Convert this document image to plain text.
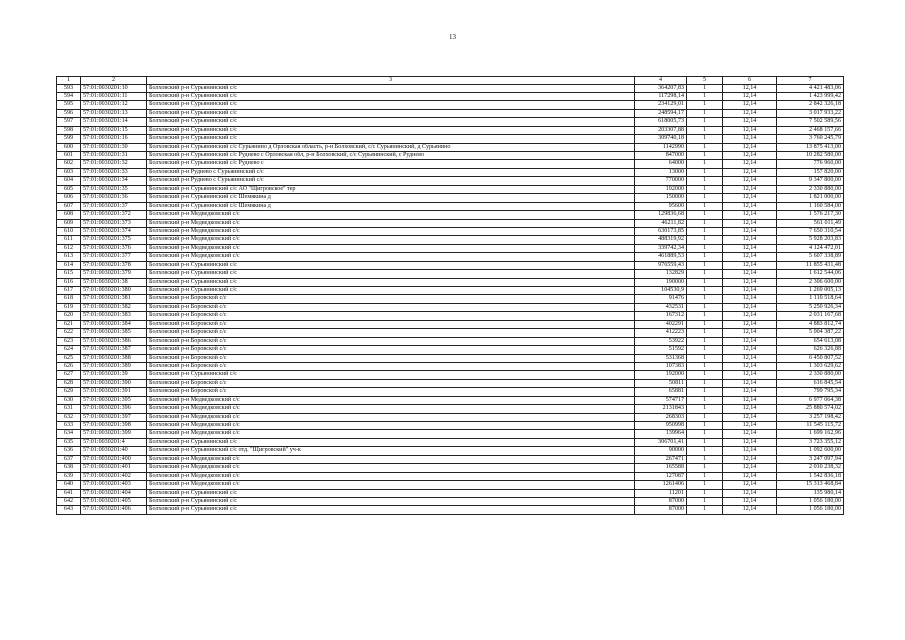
13
1	2	3	4	5	6	7
593	57:01:0030201:10	Болховский р-н Сурьянинский с/с	364207,83	1	12,14	4 421 483,06
594	57:01:0030201:11	Болховский р-н Сурьянинский с/с	117298,14	1	12,14	1 423 999,42
595	57:01:0030201:12	Болховский р-н Сурьянинский с/с	234129,01	1	12,14	2 842 326,18
596	57:01:0030201:13	Болховский р-н Сурьянинский с/с	248594,17	1	12,14	3 017 933,22
597	57:01:0030201:14	Болховский р-н Сурьянинский с/с	618005,73	1	12,14	7 502 589,56
598	57:01:0030201:15	Болховский р-н Сурьянинский с/с	203307,88	1	12,14	2 468 157,66
599	57:01:0030201:16	Болховский р-н Сурьянинский с/с	309740,18	1	12,14	3 760 245,79
600	57:01:0030201:30	Болховский р-н Сурьянинский с/с Сурьянино д Орловская область, р-н Болховский, с/с Сурьянинский, д Сурьянино	1142990	1	12,14	13 875 413,00
601	57:01:0030201:31	Болховский р-н Сурьянинский с/с Руднево с Орловская обл, р-н Болховский, с/с Сурьянинский, с Руднево	847000	1	12,14	10 282 580,00
602	57:01:0030201:32	Болховский р-н Сурьянинский с/с Руднево с	64000	1	12,14	776 960,00
603	57:01:0030201:33	Болховский р-н Руднево с Сурьянинский с/с	13000	1	12,14	157 820,00
604	57:01:0030201:34	Болховский р-н Руднево с Сурьянинский с/с	770000	1	12,14	9 347 800,00
605	57:01:0030201:35	Болховский р-н Сурьянинский с/с АО "Щигровское" тер	192000	1	12,14	2 330 880,00
606	57:01:0030201:36	Болховский р-н Сурьянинский с/с Шемякина д	150000	1	12,14	1 821 000,00
607	57:01:0030201:37	Болховский р-н Сурьянинский с/с Шемякина д	95600	1	12,14	1 160 584,00
608	57:01:0030201:372	Болховский р-н Медведковский с/с	129836,68	1	12,14	1 576 217,30
609	57:01:0030201:373	Болховский р-н Медведковский с/с	46211,82	1	12,14	561 011,49
610	57:01:0030201:374	Болховский р-н Медведковский с/с	630173,85	1	12,14	7 650 310,54
611	57:01:0030201:375	Болховский р-н Медведковский с/с	488319,92	1	12,14	5 928 203,83
612	57:01:0030201:376	Болховский р-н Медведковский с/с	339742,34	1	12,14	4 124 472,01
613	57:01:0030201:377	Болховский р-н Медведковский с/с	461889,53	1	12,14	5 607 338,89
614	57:01:0030201:378	Болховский р-н Сурьянинский с/с	976559,43	1	12,14	11 855 431,48
615	57:01:0030201:379	Болховский р-н Сурьянинский с/с	132829	1	12,14	1 612 544,06
616	57:01:0030201:38	Болховский р-н Сурьянинский с/с	190000	1	12,14	2 306 600,00
617	57:01:0030201:380	Болховский р-н Сурьянинский с/с	104530,9	1	12,14	1 269 005,13
618	57:01:0030201:381	Болховский р-н Боровской с/с	91476	1	12,14	1 110 518,64
619	57:01:0030201:382	Болховский р-н Боровской с/с	432531	1	12,14	5 250 926,34
620	57:01:0030201:383	Болховский р-н Боровской с/с	167312	1	12,14	2 031 167,68
621	57:01:0030201:384	Болховский р-н Боровской с/с	402291	1	12,14	4 883 812,74
622	57:01:0030201:385	Болховский р-н Боровской с/с	412223	1	12,14	5 004 387,22
623	57:01:0030201:386	Болховский р-н Боровской с/с	53922	1	12,14	654 613,08
624	57:01:0030201:387	Болховский р-н Боровской с/с	51592	1	12,14	626 326,88
625	57:01:0030201:388	Болховский р-н Боровской с/с	531368	1	12,14	6 450 807,52
626	57:01:0030201:389	Болховский р-н Боровской с/с	107383	1	12,14	1 303 629,62
627	57:01:0030201:39	Болховский р-н Сурьянинский с/с	192000	1	12,14	2 330 880,00
628	57:01:0030201:390	Болховский р-н Боровской с/с	50811	1	12,14	616 845,54
629	57:01:0030201:391	Болховский р-н Боровской с/с	65881	1	12,14	799 795,34
630	57:01:0030201:395	Болховский р-н Медведковский с/с	574717	1	12,14	6 977 064,38
631	57:01:0030201:396	Болховский р-н Медведковский с/с	2131843	1	12,14	25 880 574,02
632	57:01:0030201:397	Болховский р-н Медведковский с/с	268303	1	12,14	3 257 198,42
633	57:01:0030201:398	Болховский р-н Медведковский с/с	950998	1	12,14	11 545 115,72
634	57:01:0030201:399	Болховский р-н Медведковский с/с	139964	1	12,14	1 699 162,96
635	57:01:0030201:4	Болховский р-н Сурьянинский с/с	306701,41	1	12,14	3 723 355,12
636	57:01:0030201:40	Болховский р-н Сурьянинский с/с отд. "Щигровский" уч-к	90000	1	12,14	1 092 600,00
637	57:01:0030201:400	Болховский р-н Медведковский с/с	267471	1	12,14	3 247 097,94
638	57:01:0030201:401	Болховский р-н Медведковский с/с	165588	1	12,14	2 010 238,32
639	57:01:0030201:402	Болховский р-н Медведковский с/с	127087	1	12,14	1 542 836,18
640	57:01:0030201:403	Болховский р-н Медведковский с/с	1261406	1	12,14	15 313 468,84
641	57:01:0030201:404	Болховский р-н Сурьянинский с/с	11201	1	12,14	135 980,14
642	57:01:0030201:405	Болховский р-н Сурьянинский с/с	87000	1	12,14	1 056 180,00
643	57:01:0030201:406	Болховский р-н Сурьянинский с/с	87000	1	12,14	1 056 180,00
